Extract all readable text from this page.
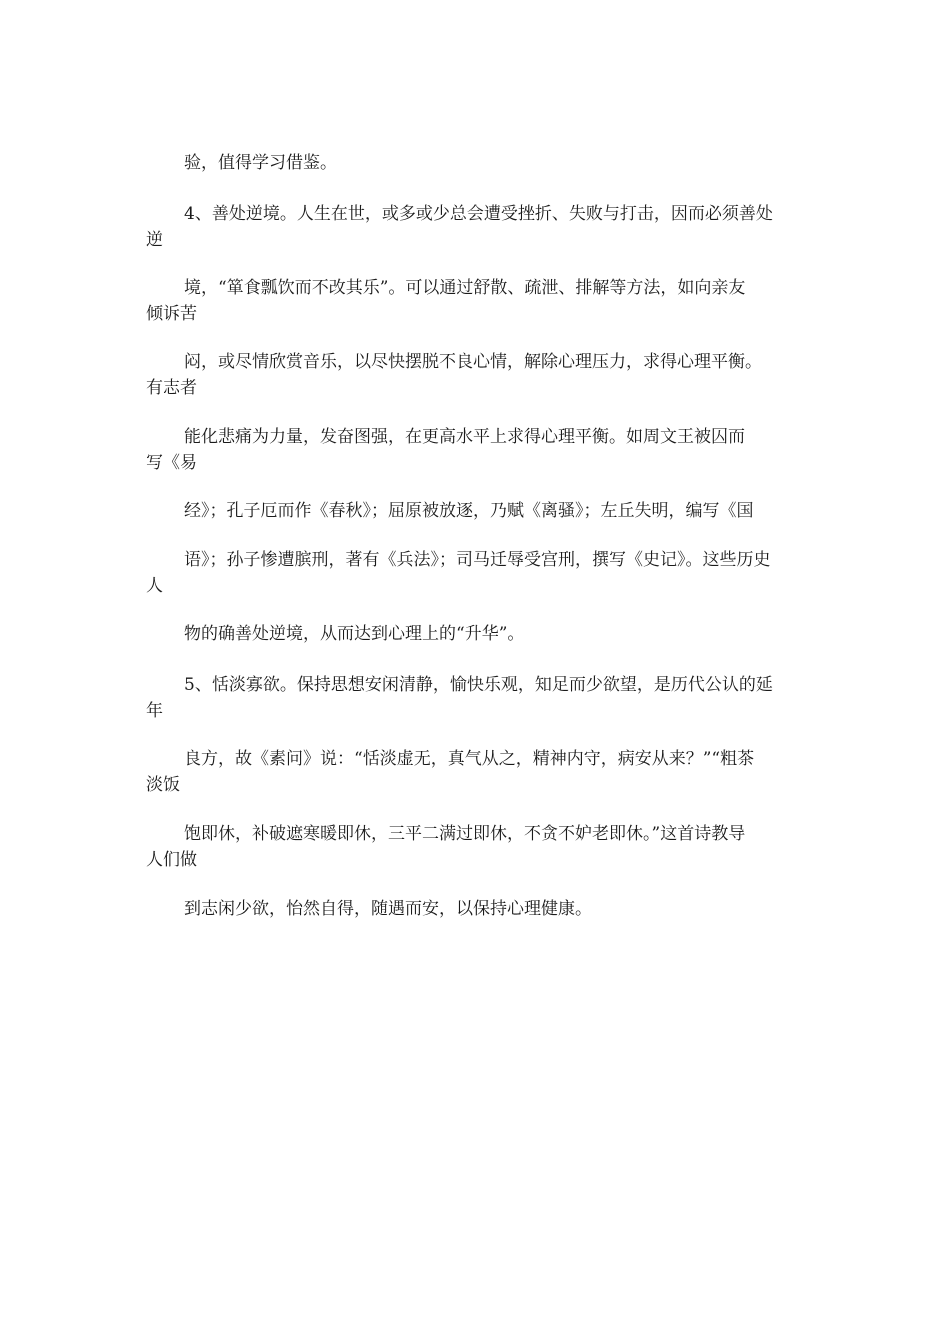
验，值得学习借鉴。

4、善处逆境。人生在世，或多或少总会遭受挫折、失败与打击，因而必须善处
逆

境，“箪食瓢饮而不改其乐”。可以通过舒散、疏泄、排解等方法，如向亲友
倾诉苦

闷，或尽情欣赏音乐，以尽快摆脱不良心情，解除心理压力，求得心理平衡。
有志者

能化悲痛为力量，发奋图强，在更高水平上求得心理平衡。如周文王被囚而
写《易

经》；孔子厄而作《春秋》；屈原被放逐，乃赋《离骚》；左丘失明，编写《国

语》；孙子惨遭膑刑，著有《兵法》；司马迁辱受宫刑，撰写《史记》。这些历史
人

物的确善处逆境，从而达到心理上的“升华”。

5、恬淡寡欲。保持思想安闲清静，愉快乐观，知足而少欲望，是历代公认的延
年

良方，故《素问》说：“恬淡虚无，真气从之，精神内守，病安从来？”“粗茶
淡饭

饱即休，补破遮寒暖即休，三平二满过即休，不贪不妒老即休。”这首诗教导
人们做

到志闲少欲，怡然自得，随遇而安，以保持心理健康。
